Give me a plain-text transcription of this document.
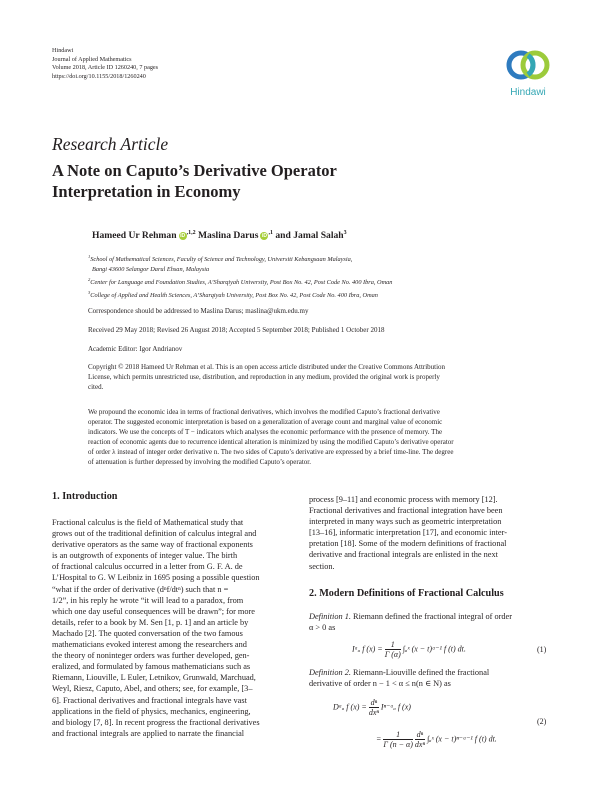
Hindawi
Journal of Applied Mathematics
Volume 2018, Article ID 1260240, 7 pages
https://doi.org/10.1155/2018/1260240
Hindawi
Research Article
A Note on Caputo’s Derivative Operator
Interpretation in Economy
Hameed Ur Rehman $iD^{,1,2}$ Maslina Darus $iD^{,1}$ and Jamal Salah$^3$
$^1$School of Mathematical Sciences, Faculty of Science and Technology, Universiti Kebangsaan Malaysia,
Bangi 43600 Selangor Darul Ehsan, Malaysia
$^2$Center for Language and Foundation Studies, A’Sharqiyah University, Post Box No. 42, Post Code No. 400 Ibra, Oman
$^3$College of Applied and Health Sciences, A’Sharqiyah University, Post Box No. 42, Post Code No. 400 Ibra, Oman
Correspondence should be addressed to Maslina Darus; maslina@ukm.edu.my
Received 29 May 2018; Revised 26 August 2018; Accepted 5 September 2018; Published 1 October 2018
Academic Editor: Igor Andrianov
Copyright © 2018 Hameed Ur Rehman et al. This is an open access article distributed under the Creative Commons Attribution
License, which permits unrestricted use, distribution, and reproduction in any medium, provided the original work is properly
cited.
We propound the economic idea in terms of fractional derivatives, which involves the modified Caputo’s fractional derivative
operator. The suggested economic interpretation is based on a generalization of average count and marginal value of economic
indicators. We use the concepts of T − indicators which analyses the economic performance with the presence of memory. The
reaction of economic agents due to recurrence identical alteration is minimized by using the modified Caputo’s derivative operator
of order λ instead of integer order derivative n. The two sides of Caputo’s derivative are expressed by a brief time-line. The degree
of attenuation is further depressed by involving the modified Caputo’s operator.
1. Introduction
Fractional calculus is the field of Mathematical study that
grows out of the traditional definition of calculus integral and
derivative operators as the same way of fractional exponents
is an outgrowth of exponents of integer value. The birth
of fractional calculus occurred in a letter from G. F. A. de
L’Hospital to G. W Leibniz in 1695 posing a possible question
“what if the order of derivative (dⁿf/dtⁿ) such that n =
1/2”, in his reply he wrote “it will lead to a paradox, from
which one day useful consequences will be drawn”; for more
details, refer to a book by M. Sen [1, p. 1] and an article by
Machado [2]. The quoted conversation of the two famous
mathematicians evoked interest among the researchers and
the theory of noninteger orders was further developed, gen-
eralized, and formulated by famous mathematicians such as
Riemann, Liouville, L Euler, Letnikov, Grunwald, Marchuad,
Weyl, Riesz, Caputo, Abel, and others; see, for example, [3–
6]. Fractional derivatives and fractional integrals have vast
applications in the field of physics, mechanics, engineering,
and biology [7, 8]. In recent progress the fractional derivatives
and fractional integrals are applied to narrate the financial
process [9–11] and economic process with memory [12].
Fractional derivatives and fractional integration have been
interpreted in many ways such as geometric interpretation
[13–16], informatic interpretation [17], and economic inter-
pretation [18]. Some of the modern definitions of fractional
derivative and fractional integrals are enlisted in the next
section.
2. Modern Definitions of Fractional Calculus
Definition 1. Riemann defined the fractional integral of order
α > 0 as
Iᵅₐ f $(x) = \frac{1}{\Gamma (\alpha)}$ ∫ₐˣ (x − t)ᵅ⁻¹ f (t) dt.	(1)
Definition 2. Riemann-Liouville defined the fractional
derivative of order n − 1 < α ≤ n(n ∈ N) as
Dᵅₐ f $(x) = \frac{\text{dⁿ}}{\text{dxⁿ}}$ Iⁿ⁻ᵅₐ f (x)
= $\frac{1}{\Gamma (n - \alpha)}$
$\frac{\text{dⁿ}}{\text{dxⁿ}}$ ∫ₐˣ (x − t)ⁿ⁻ᵅ⁻¹ f (t) dt.
(2)
